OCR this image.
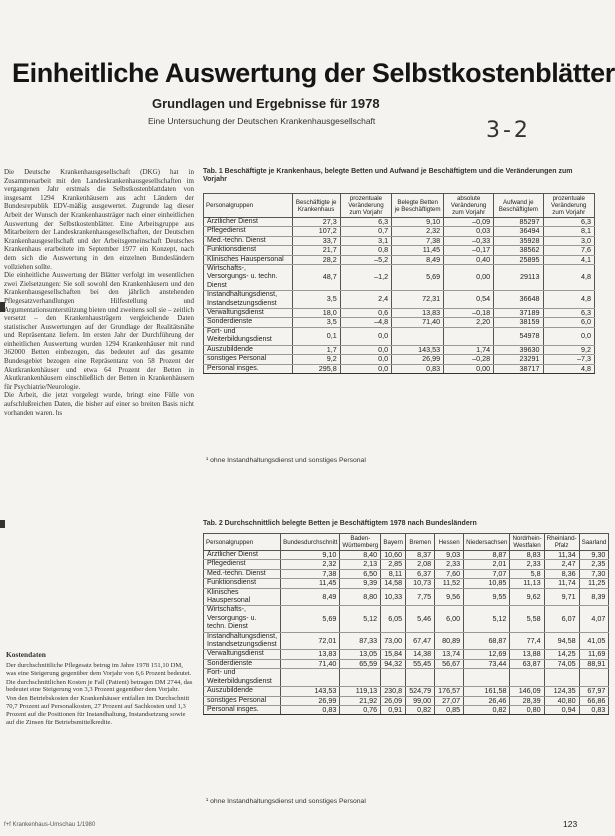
Einheitliche Auswertung der Selbstkostenblätter
Grundlagen und Ergebnisse für 1978
Eine Untersuchung der Deutschen Krankenhausgesellschaft	3-2

Die Deutsche Krankenhausgesellschaft (DKG) hat in Zusammenarbeit mit den Landeskrankenhausgesellschaften im vergangenen Jahr erstmals die Selbstkostenblattdaten von insgesamt 1294 Krankenhäusern aus acht Ländern der Bundesrepublik EDV-mäßig ausgewertet. Zugrunde lag dieser Arbeit der Wunsch der Krankenhausträger nach einer einheitlichen Auswertung der Selbstkostenblätter. Eine Arbeitsgruppe aus Mitarbeitern der Landeskrankenhausgesellschaften, der Deutschen Krankenhausgesellschaft und der Arbeitsgemeinschaft Deutsches Krankenhaus erarbeitete im September 1977 ein Konzept, nach dem sich die Auswertung in den einzelnen Bundesländern vollziehen sollte.

Die einheitliche Auswertung der Blätter verfolgt im wesentlichen zwei Zielsetzungen: Sie soll sowohl den Krankenhäusern und den Krankenhausgesellschaften bei den jährlich anstehenden Pflegesatzverhandlungen Hilfestellung und Argumentationsunterstützung bieten und zweitens soll sie – zeitlich versetzt – den Krankenhausträgern vergleichende Daten statistischer Auswertungen auf der Grundlage der Realitätsnähe und Repräsentanz liefern. Im ersten Jahr der Durchführung der einheitlichen Auswertung wurden 1294 Krankenhäuser mit rund 362000 Betten einbezogen, das bedeutet auf das gesamte Bundesgebiet bezogen eine Repräsentanz von 58 Prozent der Akutkrankenhäuser und etwa 64 Prozent der Betten in Akutkrankenhäusern einschließlich der Betten in Krankenhäusern für Psychiatrie/Neurologie.

Die Arbeit, die jetzt vorgelegt wurde, bringt eine Fülle von aufschlußreichen Daten, die bisher auf einer so breiten Basis nicht vorhanden waren. hs

Kostendaten

Der durchschnittliche Pflegesatz betrug im Jahre 1978 151,10 DM, was eine Steigerung gegenüber dem Vorjahr von 6,6 Prozent bedeutet.

Die durchschnittlichen Kosten je Fall (Patient) betragen DM 2744, das bedeutet eine Steigerung von 3,3 Prozent gegenüber dem Vorjahr.

Von den Betriebskosten der Krankenhäuser entfallen im Durchschnitt 70,7 Prozent auf Personalkosten, 27 Prozent auf Sachkosten und 1,3 Prozent auf die Positionen für Instandhaltung, Instandsetzung sowie auf die Zinsen für Betriebsmittelkredite.

Tab. 1 Beschäftigte je Krankenhaus, belegte Betten und Aufwand je Beschäftigtem und die Veränderungen zum Vorjahr
Personalgruppen	Beschäftigte je Krankenhaus	prozentuale Veränderung zum Vorjahr	Belegte Betten je Beschäftigtem	absolute Veränderung zum Vorjahr	Aufwand je Beschäftigtem	prozentuale Veränderung zum Vorjahr
Ärztlicher Dienst	27,3	6,3	9,10	–0,09	85297	6,3
Pflegedienst	107,2	0,7	2,32	0,03	36494	8,1
Med.-techn. Dienst	33,7	3,1	7,38	–0,33	35928	3,0
Funktionsdienst	21,7	0,8	11,45	–0,17	38562	7,6
Klinisches Hauspersonal	28,2	–5,2	8,49	0,40	25895	4,1
Wirtschafts-, Versorgungs- u. techn. Dienst	48,7	–1,2	5,69	0,00	29113	4,8
Instandhaltungsdienst, Instandsetzungsdienst	3,5	2,4	72,31	0,54	36648	4,8
Verwaltungsdienst	18,0	0,6	13,83	–0,18	37189	6,3
Sonderdienste	3,5	–4,8	71,40	2,20	38159	6,0
Fort- und Weiterbildungsdienst	0,1	0,0			54978	0,0
Auszubildende	1,7	0,0	143,53	1,74	39630	9,2
sonstiges Personal	9,2	0,0	26,99	–0,28	23291	–7,3
Personal insges.	295,8	0,0	0,83	0,00	38717	4,8
¹ ohne Instandhaltungsdienst und sonstiges Personal
Tab. 2 Durchschnittlich belegte Betten je Beschäftigtem 1978 nach Bundesländern
Personalgruppen	Bundesdurchschnitt	Baden-Württemberg	Bayern	Bremen	Hessen	Niedersachsen	Nordrhein-Westfalen	Rheinland-Pfalz	Saarland
Ärztlicher Dienst	9,10	8,40	10,60	8,37	9,03	8,87	8,83	11,34	9,30
Pflegedienst	2,32	2,13	2,85	2,08	2,33	2,01	2,33	2,47	2,35
Med.-techn. Dienst	7,38	6,50	8,11	6,37	7,60	7,07	5,8	8,36	7,30
Funktionsdienst	11,45	9,39	14,58	10,73	11,52	10,85	11,13	11,74	11,25
Klinisches Hauspersonal	8,49	8,80	10,33	7,75	9,56	9,55	9,62	9,71	8,39
Wirtschafts-, Versorgungs- u. techn. Dienst	5,69	5,12	6,05	5,46	6,00	5,12	5,58	6,07	4,07
Instandhaltungsdienst, Instandsetzungsdienst	72,01	87,33	73,00	67,47	80,89	68,87	77,4	94,58	41,05
Verwaltungsdienst	13,83	13,05	15,84	14,38	13,74	12,69	13,88	14,25	11,69
Sonderdienste	71,40	65,59	94,32	55,45	56,67	73,44	63,87	74,05	88,91
Fort- und Weiterbildungsdienst									
Auszubildende	143,53	119,13	230,8	524,79	176,57	161,58	146,09	124,35	67,97
sonstiges Personal	26,99	21,92	26,09	99,00	27,07	26,46	28,39	40,80	66,86
Personal insges.	0,83	0,76	0,91	0,82	0,85	0,82	0,80	0,94	0,83
¹ ohne Instandhaltungsdienst und sonstiges Personal
f+f Krankenhaus-Umschau 1/1980	123
